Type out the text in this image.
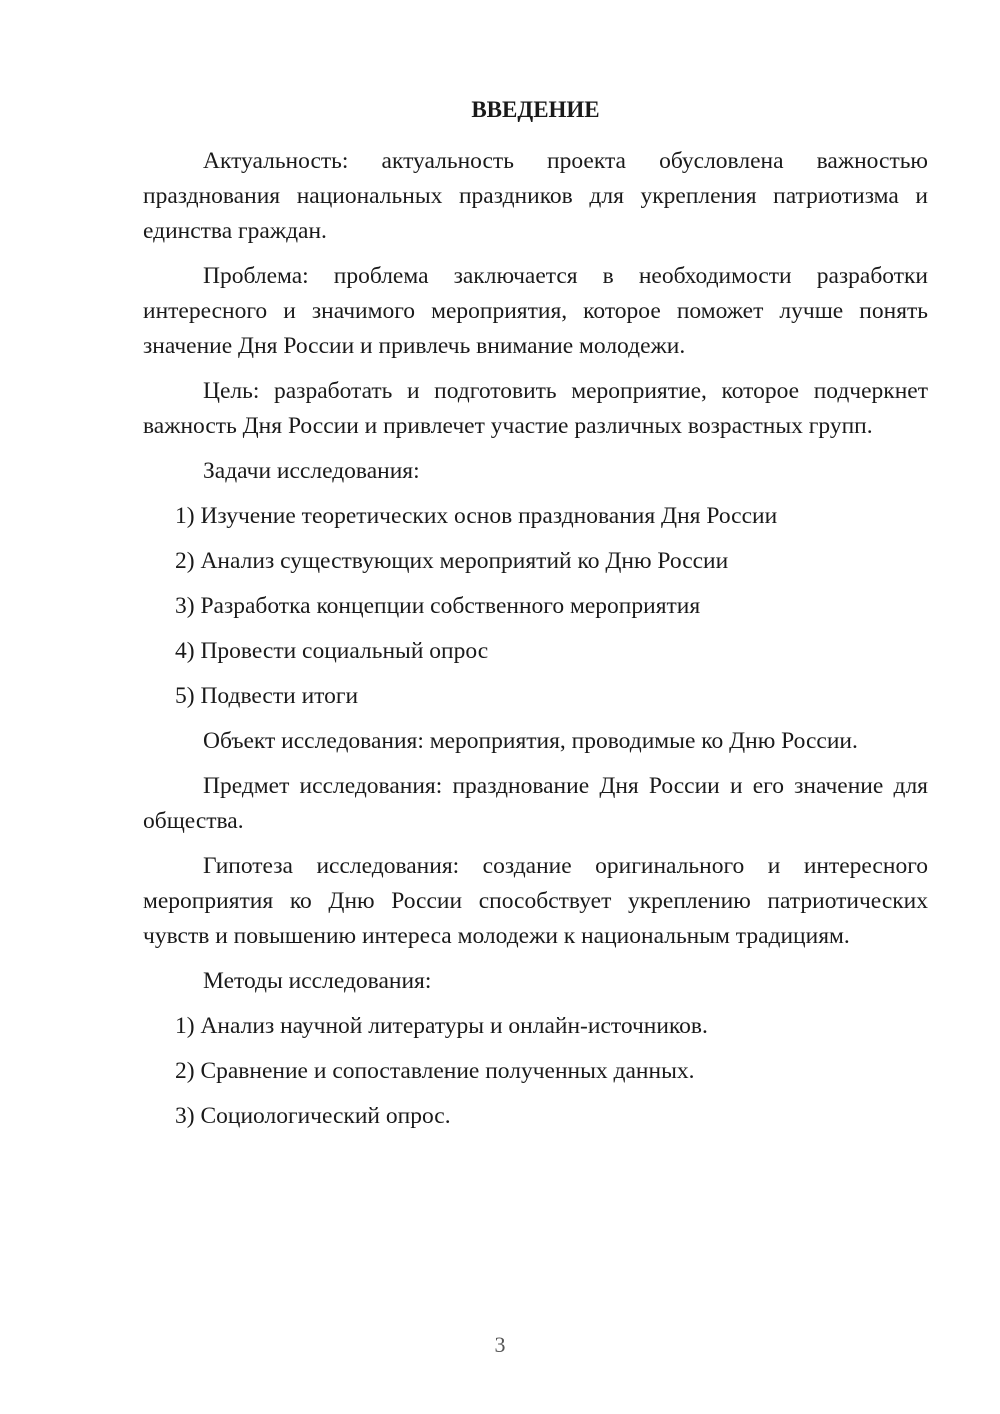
ВВЕДЕНИЕ

Актуальность: актуальность проекта обусловлена важностью празднования национальных праздников для укрепления патриотизма и единства граждан.

Проблема: проблема заключается в необходимости разработки интересного и значимого мероприятия, которое поможет лучше понять значение Дня России и привлечь внимание молодежи.

Цель: разработать и подготовить мероприятие, которое подчеркнет важность Дня России и привлечет участие различных возрастных групп.

Задачи исследования:

1) Изучение теоретических основ празднования Дня России

2) Анализ существующих мероприятий ко Дню России

3) Разработка концепции собственного мероприятия

4) Провести социальный опрос

5) Подвести итоги

Объект исследования: мероприятия, проводимые ко Дню России.

Предмет исследования: празднование Дня России и его значение для общества.

Гипотеза исследования: создание оригинального и интересного мероприятия ко Дню России способствует укреплению патриотических чувств и повышению интереса молодежи к национальным традициям.

Методы исследования:

1) Анализ научной литературы и онлайн-источников.

2) Сравнение и сопоставление полученных данных.

3) Социологический опрос.

3
